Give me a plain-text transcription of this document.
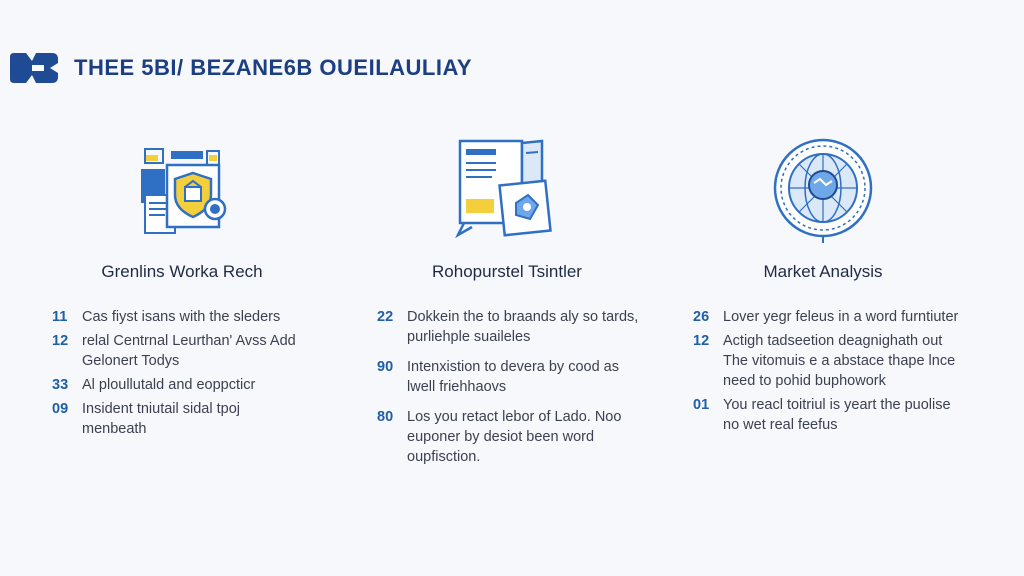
THEE 5BI/ BEZANE6B OUEILAULIAY
Grenlins Worka Rech
11	Cas fiyst isans with the sleders
12 relal Centrnal Leurthan' Avss Add
Gelonert Todys
33 Al ploullutald and eoppcticr
09 Insident tniutail sidal tpoj
menbeath
Rohopurstel Tsintler
22 Dokkein the to braands aly so tards,
purliehple suaileles
90 Intenxistion to devera by cood as
lwell friehhaovs
80 Los you retact lebor of Lado. Noo
euponer by desiot been word
oupfisction.
Market Analysis
26 Lover yegr feleus in a word furntiuter
12 Actigh tadseetion deagnighath out
The vitomuis e a abstace thape lnce
need to pohid buphowork
01 You reacl toitriul is yeart the puolise
no wet real feefus
